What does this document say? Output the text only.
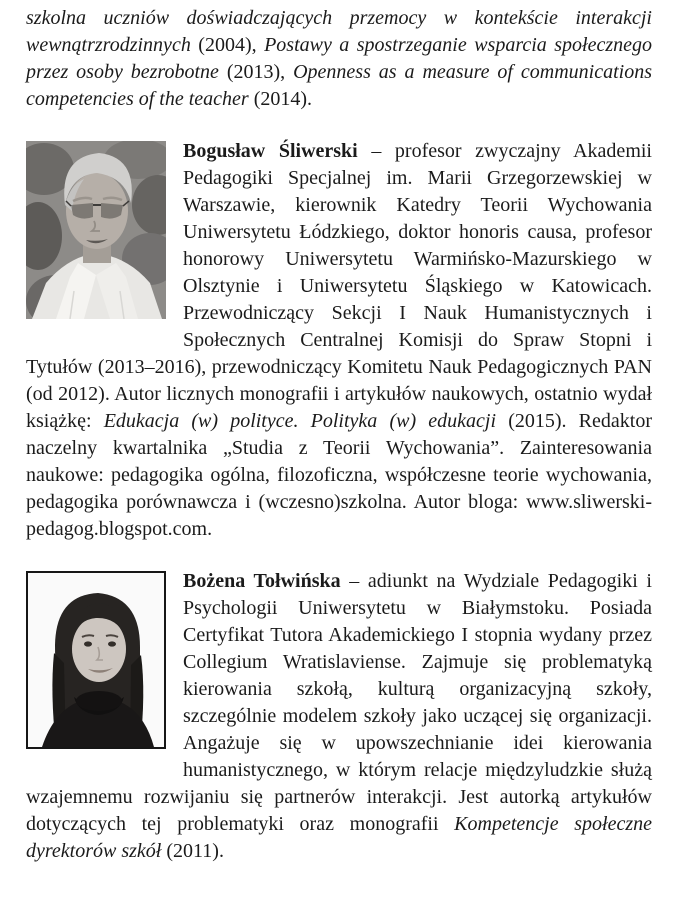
szkolna uczniów doświadczających przemocy w kontekście interakcji wewnątrzrodzinnych (2004), Postawy a spostrzeganie wsparcia społecznego przez osoby bezrobotne (2013), Openness as a measure of communications competencies of the teacher (2014).

Bogusław Śliwerski – profesor zwyczajny Akademii Pedagogiki Specjalnej im. Marii Grzegorzewskiej w Warszawie, kierownik Katedry Teorii Wychowania Uniwersytetu Łódzkiego, doktor honoris causa, profesor honorowy Uniwersytetu Warmińsko-Mazurskiego w Olsztynie i Uniwersytetu Śląskiego w Katowicach. Przewodniczący Sekcji I Nauk Humanistycznych i Społecznych Centralnej Komisji do Spraw Stopni i Tytułów (2013–2016), przewodniczący Komitetu Nauk Pedagogicznych PAN (od 2012). Autor licznych monografii i artykułów naukowych, ostatnio wydał książkę: Edukacja (w) polityce. Polityka (w) edukacji (2015). Redaktor naczelny kwartalnika „Studia z Teorii Wychowania”. Zainteresowania naukowe: pedagogika ogólna, filozoficzna, współczesne teorie wychowania, pedagogika porównawcza i (wczesno)szkolna. Autor bloga: www.sliwerski-pedagog.blogspot.com.

Bożena Tołwińska – adiunkt na Wydziale Pedagogiki i Psychologii Uniwersytetu w Białymstoku. Posiada Certyfikat Tutora Akademickiego I stopnia wydany przez Collegium Wratislaviense. Zajmuje się problematyką kierowania szkołą, kulturą organizacyjną szkoły, szczególnie modelem szkoły jako uczącej się organizacji. Angażuje się w upowszechnianie idei kierowania humanistycznego, w którym relacje międzyludzkie służą wzajemnemu rozwijaniu się partnerów interakcji. Jest autorką artykułów dotyczących tej problematyki oraz monografii Kompetencje społeczne dyrektorów szkół (2011).
